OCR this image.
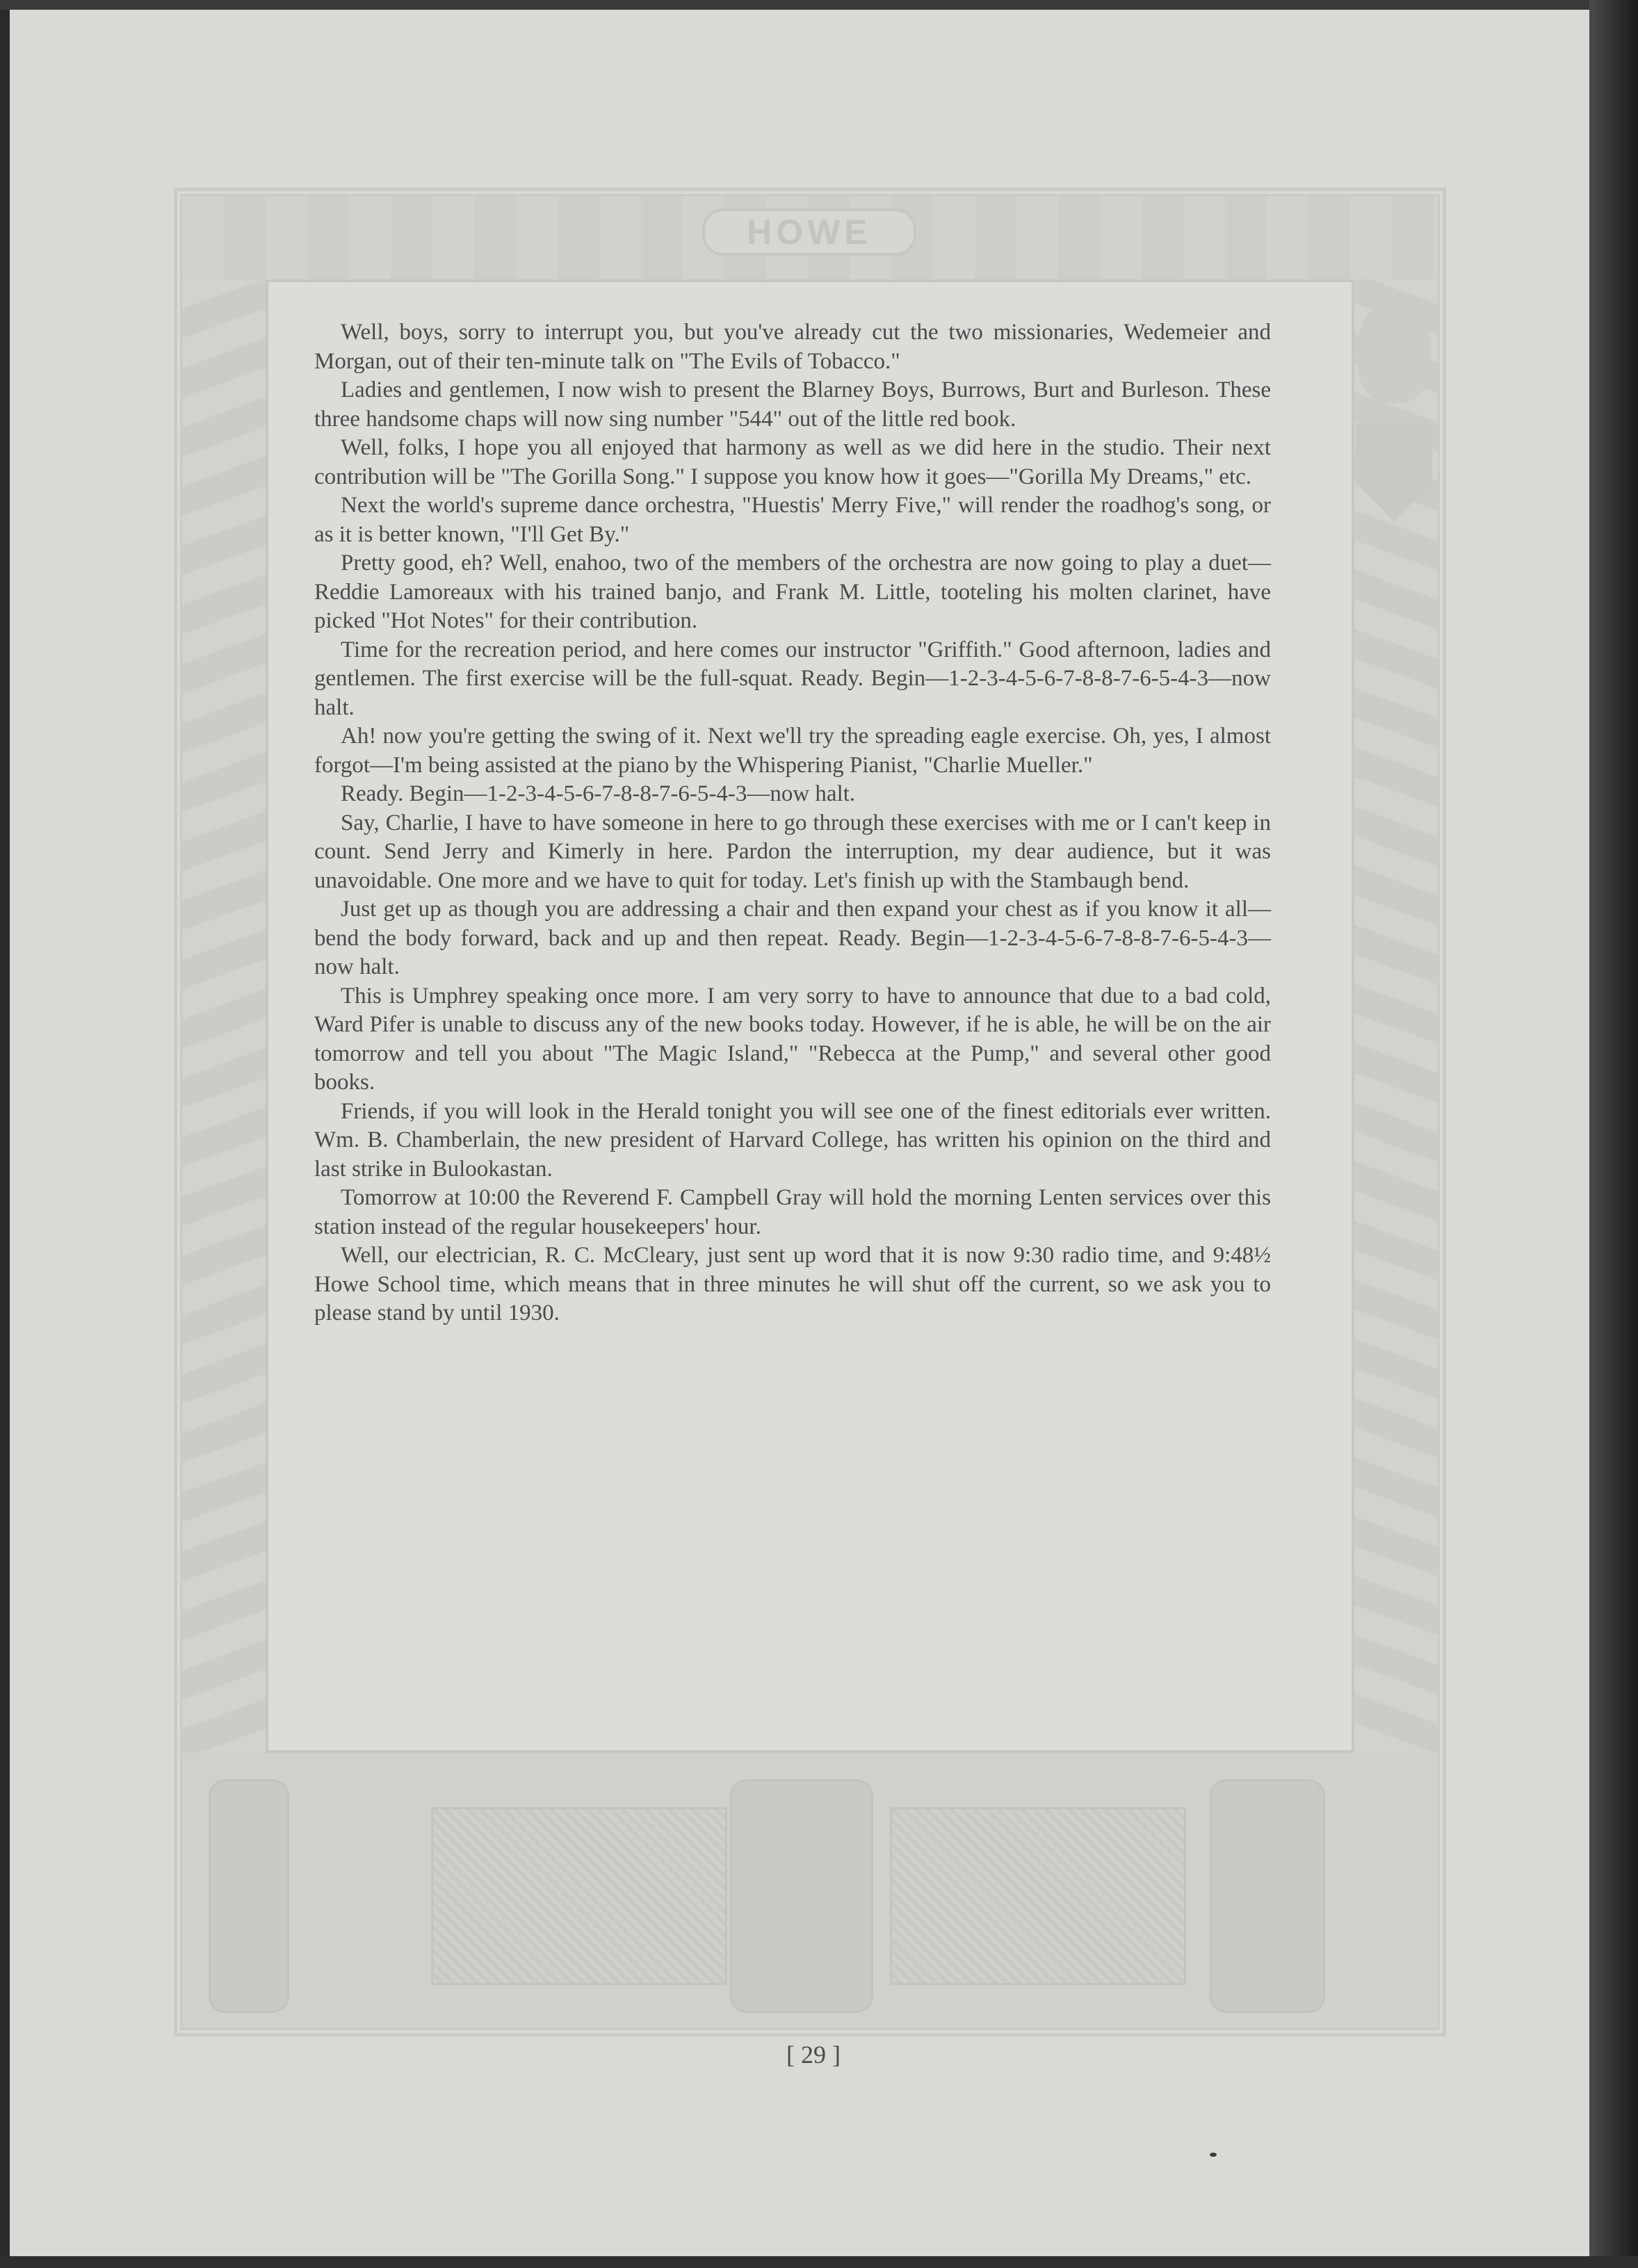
HOWE

Well, boys, sorry to interrupt you, but you've already cut the two missionaries, Wedemeier and Morgan, out of their ten-minute talk on "The Evils of Tobacco."

Ladies and gentlemen, I now wish to present the Blarney Boys, Burrows, Burt and Burleson. These three handsome chaps will now sing number "544" out of the little red book.

Well, folks, I hope you all enjoyed that harmony as well as we did here in the studio. Their next contribution will be "The Gorilla Song." I suppose you know how it goes—"Gorilla My Dreams," etc.

Next the world's supreme dance orchestra, "Huestis' Merry Five," will render the roadhog's song, or as it is better known, "I'll Get By."

Pretty good, eh? Well, enahoo, two of the members of the orchestra are now going to play a duet—Reddie Lamoreaux with his trained banjo, and Frank M. Little, tooteling his molten clarinet, have picked "Hot Notes" for their contribution.

Time for the recreation period, and here comes our instructor "Griffith." Good afternoon, ladies and gentlemen. The first exercise will be the full-squat. Ready. Begin—1-2-3-4-5-6-7-8-8-7-6-5-4-3—now halt.

Ah! now you're getting the swing of it. Next we'll try the spreading eagle exercise. Oh, yes, I almost forgot—I'm being assisted at the piano by the Whispering Pianist, "Charlie Mueller."

Ready. Begin—1-2-3-4-5-6-7-8-8-7-6-5-4-3—now halt.

Say, Charlie, I have to have someone in here to go through these exercises with me or I can't keep in count. Send Jerry and Kimerly in here. Pardon the interruption, my dear audience, but it was unavoidable. One more and we have to quit for today. Let's finish up with the Stambaugh bend.

Just get up as though you are addressing a chair and then expand your chest as if you know it all—bend the body forward, back and up and then repeat. Ready. Begin—1-2-3-4-5-6-7-8-8-7-6-5-4-3—now halt.

This is Umphrey speaking once more. I am very sorry to have to announce that due to a bad cold, Ward Pifer is unable to discuss any of the new books today. However, if he is able, he will be on the air tomorrow and tell you about "The Magic Island," "Rebecca at the Pump," and several other good books.

Friends, if you will look in the Herald tonight you will see one of the finest editorials ever written. Wm. B. Chamberlain, the new president of Harvard College, has written his opinion on the third and last strike in Bulookastan.

Tomorrow at 10:00 the Reverend F. Campbell Gray will hold the morning Lenten services over this station instead of the regular housekeepers' hour.

Well, our electrician, R. C. McCleary, just sent up word that it is now 9:30 radio time, and 9:48½ Howe School time, which means that in three minutes he will shut off the current, so we ask you to please stand by until 1930.

[ 29 ]
